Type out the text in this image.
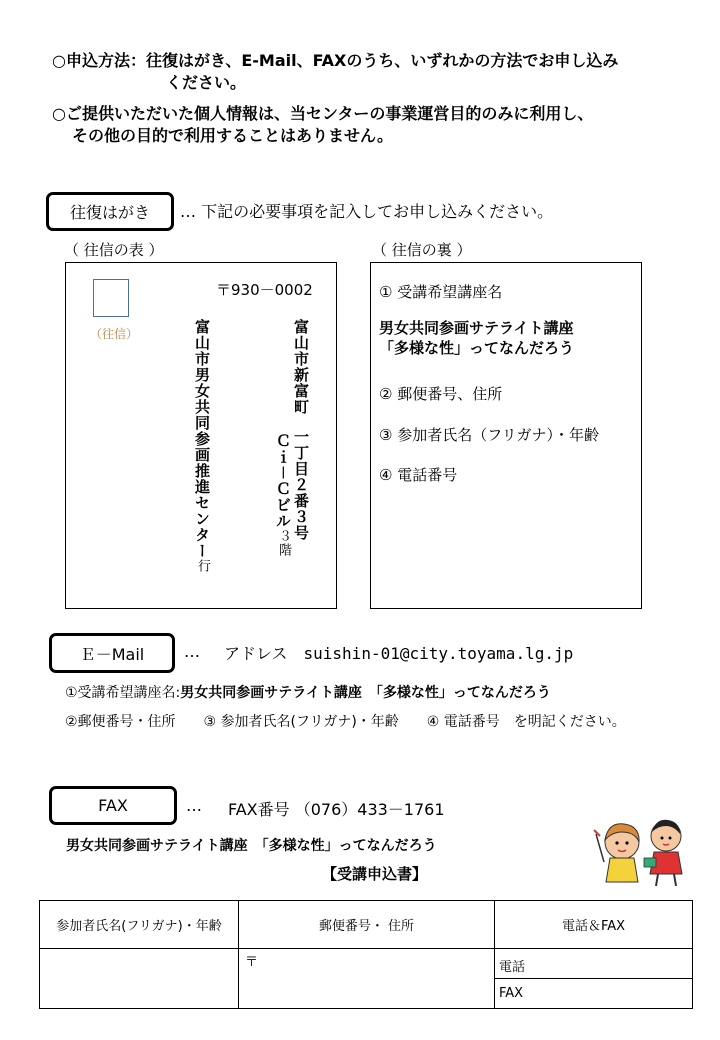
○申込方法：往復はがき、E-Mail、FAXのうち、いずれかの方法でお申し込み
ください。
○ご提供いただいた個人情報は、当センターの事業運営目的のみに利用し、
その他の目的で利用することはありません。
往復はがき … 下記の必要事項を記入してお申し込みください。
（ 往信の表 ）	（ 往信の裏 ）
（往信）
〒930－0002
富山市新富町
一丁目２番３号
Ｃｉ－Ｃビル３階
富山市男女共同参画推進センター行
① 受講希望講座名
男女共同参画サテライト講座
「多様な性」ってなんだろう
② 郵便番号、住所
③ 参加者氏名（フリガナ）・年齢
④ 電話番号
Ｅ－Mail … アドレス　suishin-01@city.toyama.lg.jp
①受講希望講座名:男女共同参画サテライト講座　「多様な性」ってなんだろう
②郵便番号・住所　　③ 参加者氏名(フリガナ)・年齢　　④ 電話番号　を明記ください。
FAX	… FAX番号 （076）433－1761
男女共同参画サテライト講座　「多様な性」ってなんだろう
【受講申込書】
参加者氏名(フリガナ)・年齢	郵便番号・ 住所	電話＆FAX
	〒	電話
		FAX
